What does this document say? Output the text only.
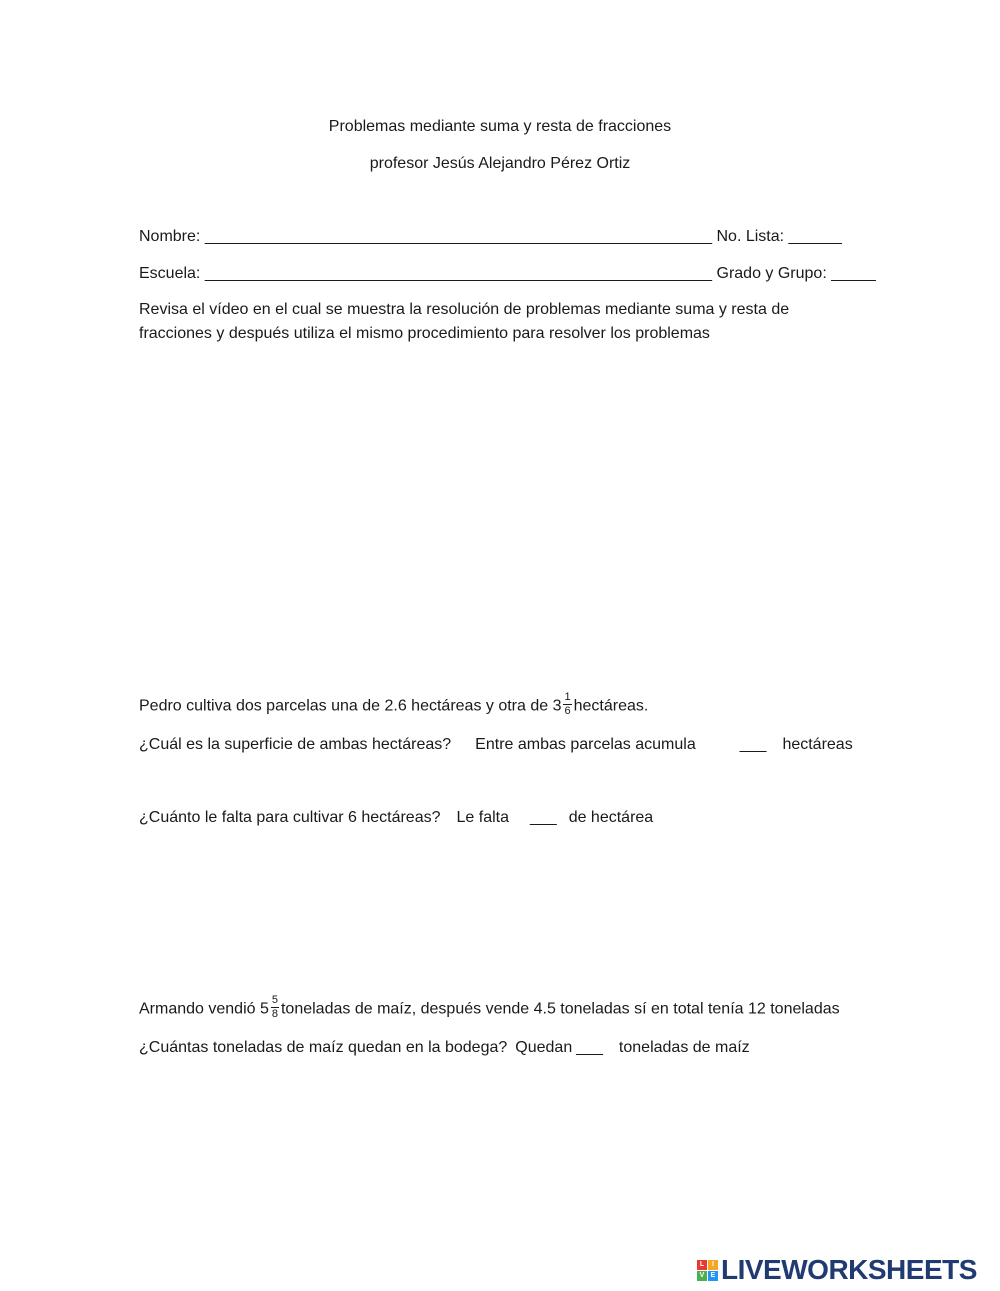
Problemas mediante suma y resta de fracciones
profesor Jesús Alejandro Pérez Ortiz
Nombre: _________________________________________________________ No. Lista: ______
Escuela: _________________________________________________________ Grado y Grupo: _____
Revisa el vídeo en el cual se muestra la resolución de problemas mediante suma y resta de
fracciones y después utiliza el mismo procedimiento para resolver los problemas
Pedro cultiva dos parcelas una de 2.6 hectáreas y otra de $3 \frac{1}{6}$ hectáreas.
¿Cuál es la superficie de ambas hectáreas? Entre ambas parcelas acumula	___ hectáreas
¿Cuánto le falta para cultivar 6 hectáreas? Le falta ___ de hectárea
Armando vendió $5 \frac{5}{8}$ toneladas de maíz, después vende 4.5 toneladas sí en total tenía 12 toneladas
¿Cuántas toneladas de maíz quedan en la bodega? Quedan ___ toneladas de maíz
L	I
V E LIVEWORKSHEETS
